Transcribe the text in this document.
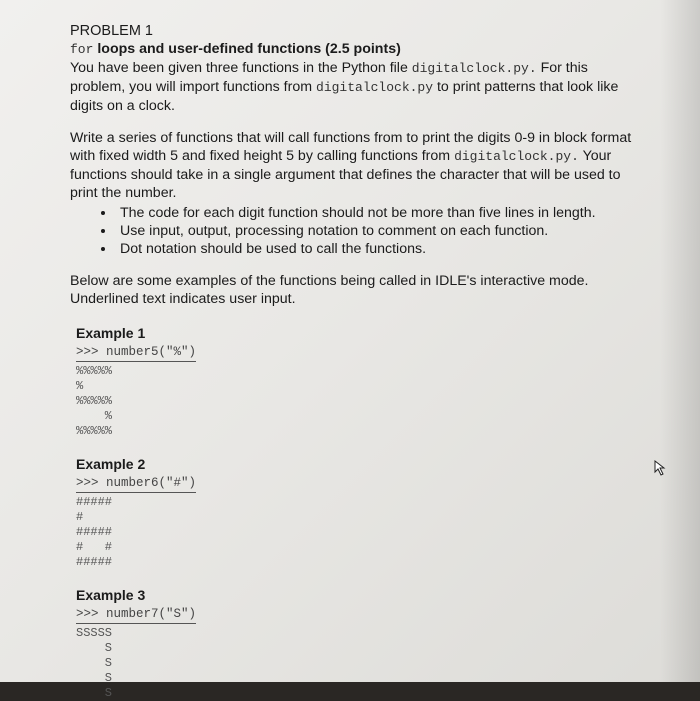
PROBLEM 1

for loops and user-defined functions (2.5 points)

You have been given three functions in the Python file digitalclock.py. For this problem, you will import functions from digitalclock.py to print patterns that look like digits on a clock.

Write a series of functions that will call functions from to print the digits 0-9 in block format with fixed width 5 and fixed height 5 by calling functions from digitalclock.py. Your functions should take in a single argument that defines the character that will be used to print the number.

• The code for each digit function should not be more than five lines in length.
• Use input, output, processing notation to comment on each function.
• Dot notation should be used to call the functions.

Below are some examples of the functions being called in IDLE's interactive mode. Underlined text indicates user input.

Example 1

>>> number5("%")

%%%%%
%
%%%%%
%
%%%%%

Example 2

>>> number6("#")

#####
#
#####
#   #
#####

Example 3

>>> number7("S")

SSSSS
S
S
S
S
